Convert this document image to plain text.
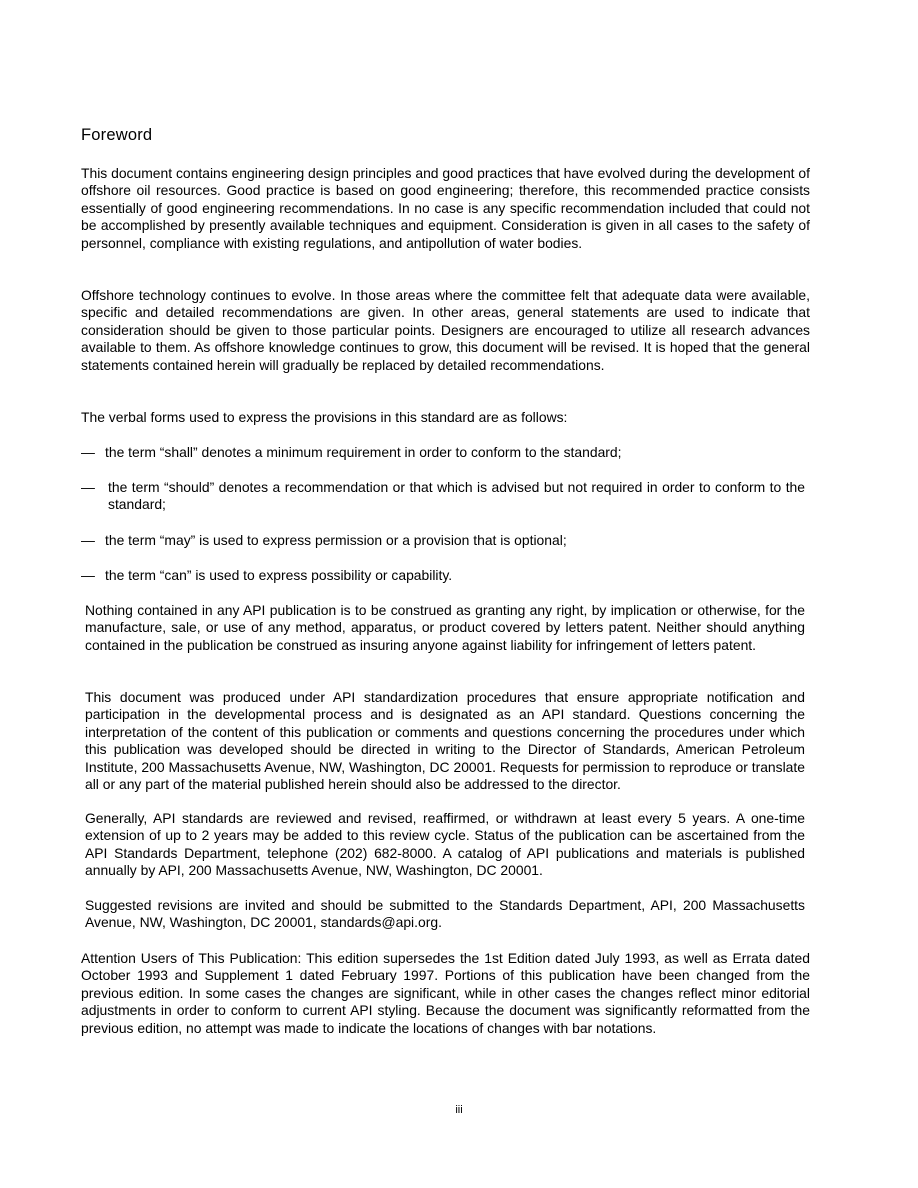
Foreword

This document contains engineering design principles and good practices that have evolved during the development of offshore oil resources. Good practice is based on good engineering; therefore, this recommended practice consists essentially of good engineering recommendations. In no case is any specific recommendation included that could not be accomplished by presently available techniques and equipment. Consideration is given in all cases to the safety of personnel, compliance with existing regulations, and antipollution of water bodies.

Offshore technology continues to evolve. In those areas where the committee felt that adequate data were available, specific and detailed recommendations are given. In other areas, general statements are used to indicate that consideration should be given to those particular points. Designers are encouraged to utilize all research advances available to them. As offshore knowledge continues to grow, this document will be revised. It is hoped that the general statements contained herein will gradually be replaced by detailed recommendations.

The verbal forms used to express the provisions in this standard are as follows:

— the term “shall” denotes a minimum requirement in order to conform to the standard;
— the term “should” denotes a recommendation or that which is advised but not required in order to conform to the standard;
— the term “may” is used to express permission or a provision that is optional;
— the term “can” is used to express possibility or capability.

Nothing contained in any API publication is to be construed as granting any right, by implication or otherwise, for the manufacture, sale, or use of any method, apparatus, or product covered by letters patent. Neither should anything contained in the publication be construed as insuring anyone against liability for infringement of letters patent.

This document was produced under API standardization procedures that ensure appropriate notification and participation in the developmental process and is designated as an API standard. Questions concerning the interpretation of the content of this publication or comments and questions concerning the procedures under which this publication was developed should be directed in writing to the Director of Standards, American Petroleum Institute, 200 Massachusetts Avenue, NW, Washington, DC 20001. Requests for permission to reproduce or translate all or any part of the material published herein should also be addressed to the director.

Generally, API standards are reviewed and revised, reaffirmed, or withdrawn at least every 5 years. A one-time extension of up to 2 years may be added to this review cycle. Status of the publication can be ascertained from the API Standards Department, telephone (202) 682-8000. A catalog of API publications and materials is published annually by API, 200 Massachusetts Avenue, NW, Washington, DC 20001.

Suggested revisions are invited and should be submitted to the Standards Department, API, 200 Massachusetts Avenue, NW, Washington, DC 20001, standards@api.org.

Attention Users of This Publication: This edition supersedes the 1st Edition dated July 1993, as well as Errata dated October 1993 and Supplement 1 dated February 1997. Portions of this publication have been changed from the previous edition. In some cases the changes are significant, while in other cases the changes reflect minor editorial adjustments in order to conform to current API styling. Because the document was significantly reformatted from the previous edition, no attempt was made to indicate the locations of changes with bar notations.

iii
